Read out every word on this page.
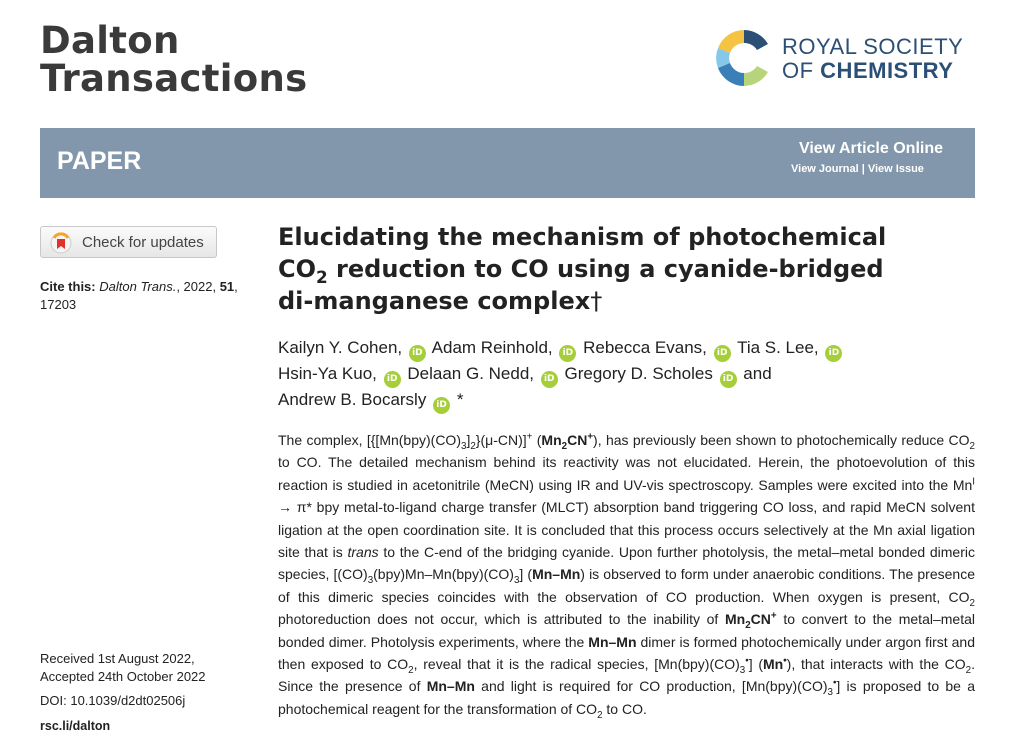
Dalton
Transactions
ROYAL SOCIETY
OF CHEMISTRY
PAPER	View Article Online
View Journal | View Issue
Check for updates
Cite this: Dalton Trans., 2022, 51, 17203
Elucidating the mechanism of photochemical
$CO_2$ reduction to CO using a cyanide-bridged
di-manganese complex†
Kailyn Y. Cohen, iD Adam Reinhold, iD Rebecca Evans, iD Tia S. Lee, iD
Hsin-Ya Kuo, iD Delaan G. Nedd, iD Gregory D. Scholes iD and
Andrew B. Bocarsly iD *
The complex, $[\{[Mn(bpy)(CO)_3]_2\}(\mu-CN)]^+$ $(Mn_2CN^+)$, has previously been shown to photochemically reduce $CO_2$ to CO. The detailed mechanism behind its reactivity was not elucidated. Herein, the photoevolution of this reaction is studied in acetonitrile (MeCN) using IR and UV-vis spectroscopy. Samples were excited into the $Mn^I \to \pi*$ bpy metal-to-ligand charge transfer (MLCT) absorption band triggering CO loss, and rapid MeCN solvent ligation at the open coordination site. It is concluded that this process occurs selectively at the Mn axial ligation site that is trans to the C-end of the bridging cyanide. Upon further photolysis, the metal–metal bonded dimeric species, $[(CO)_3(bpy)Mn-Mn(bpy)(CO)_3]$ (Mn–Mn) is observed to form under anaerobic conditions. The presence of this dimeric species coincides with the observation of CO production. When oxygen is present, $CO_2$ photoreduction does not occur, which is attributed to the inability of $Mn_2CN^+$ to convert to the metal–metal bonded dimer. Photolysis experiments, where the Mn–Mn dimer is formed photochemically under argon first and then exposed to $CO_2$, reveal that it is the radical species, $[Mn(bpy)(CO)_3^•]$ (Mn•), that interacts with the $CO_2$. Since the presence of Mn–Mn and light is required for CO production, $[Mn(bpy)(CO)_3^•]$ is proposed to be a photochemical reagent for the transformation of $CO_2$ to CO.
Received 1st August 2022,
Accepted 24th October 2022
DOI: 10.1039/d2dt02506j
rsc.li/dalton
